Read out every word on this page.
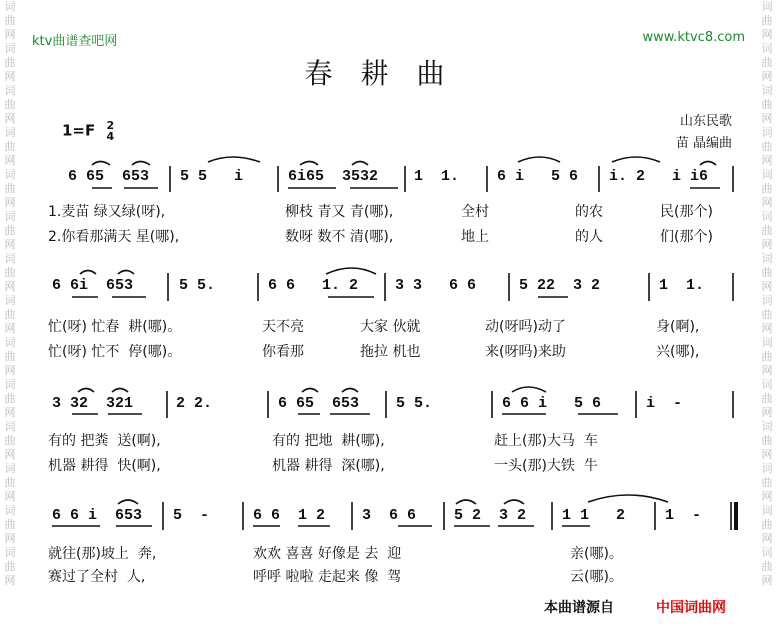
词
曲
网
词
曲
网
词
曲
网
词
曲
网
词
曲
网
词
曲
网
词
曲
网
词
曲
网
词
曲
网
词
曲
网
词
曲
网
词
曲
网
词
曲
网
词
曲
网
词
曲
网
词
曲
网
词
曲
网
词
曲
网
词
曲
网
词
曲
网
词
曲
网
词
曲
网
词
曲
网
词
曲
网
词
曲
网
词
曲
网
词
曲
网
词
曲
网
ktv曲谱查吧网	www.ktvc8.com
春耕曲
1=F 2
4
山东民歌
苗 晶编曲
6 65  653 5 5   i	6i65  3532 1  1.	6 i   5 6 i. 2   i i6
1.麦苗 绿又绿(呀),	柳枝 青又 青(哪),	全村	的农	民(那个)
2.你看那满天 星(哪),	数呀 数不 清(哪),	地上	的人	们(那个)
6 6i  653	5 5.	6 6   1. 2 3 3   6 6	5 22  3 2	1  1.
忙(呀) 忙春  耕(哪)。	天不亮	大家 伙就	动(呀吗)动了	身(啊),
忙(呀) 忙不  停(哪)。	你看那	拖拉 机也	来(呀吗)来助	兴(哪),
3 32  321	2 2.	6 65  653 5 5.	6 6 i   5 6	i  -
有的 把粪  送(啊),	有的 把地  耕(哪),	赶上(那)大马  车
机器 耕得  快(啊),	机器 耕得  深(哪),	一头(那)大铁  牛
6 6 i  653 5  -	6 6  1 2 3  6 6	5 2  3 2 1 1   2	1  -
就往(那)坡上  奔,	欢欢 喜喜 好像是 去  迎	亲(哪)。
赛过了全村  人,	呼呼 啦啦 走起来 像  驾	云(哪)。
本曲谱源自	中国词曲网
